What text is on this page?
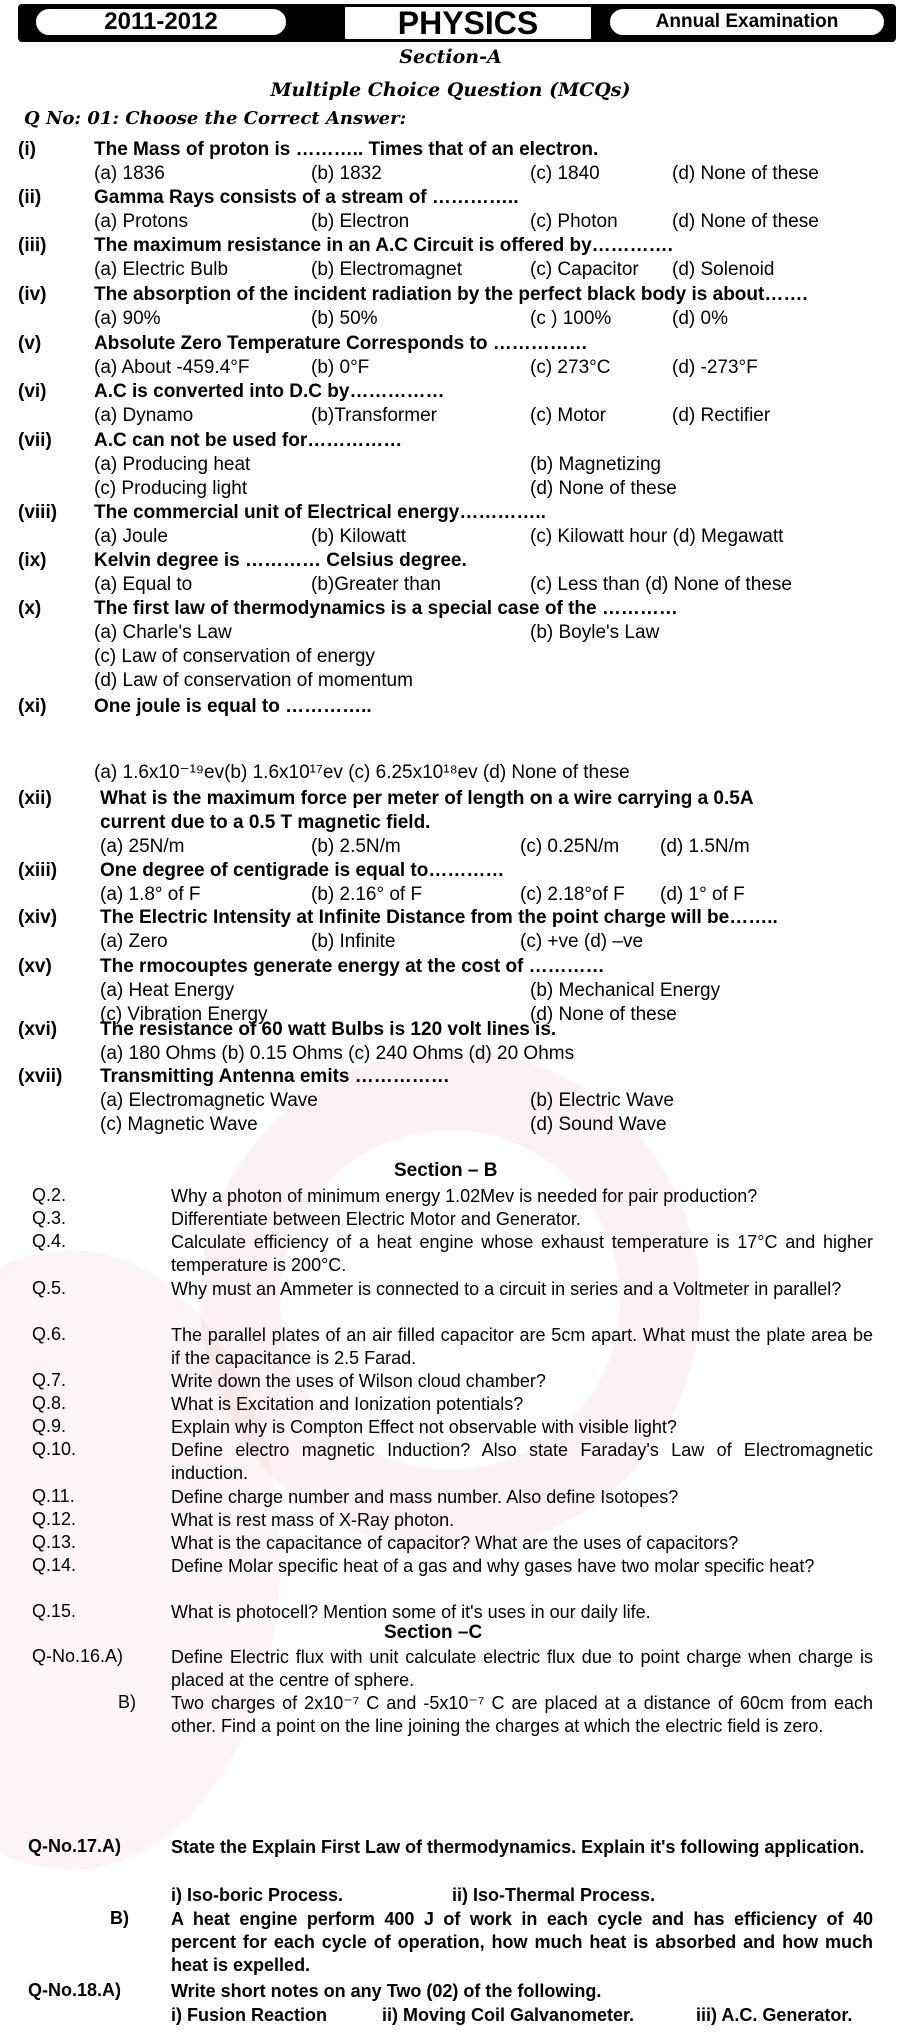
2011-2012	PHYSICS	Annual Examination
Section-A
Multiple Choice Question (MCQs)
Q No: 01: Choose the Correct Answer:
(i)	The Mass of proton is ……….. Times that of an electron.
(a) 1836	(b) 1832	(c) 1840	(d) None of these
(ii)	Gamma Rays consists of a stream of …………..
(a) Protons	(b) Electron	(c) Photon	(d) None of these
(iii)	The maximum resistance in an A.C Circuit is offered by………….
(a) Electric Bulb	(b) Electromagnet	(c) Capacitor (d) Solenoid
(iv)	The absorption of the incident radiation by the perfect black body is about…….
(a) 90%	(b) 50%	(c ) 100%	(d) 0%
(v)	Absolute Zero Temperature Corresponds to ……………
(a) About -459.4°F	(b) 0°F	(c) 273°C	(d) -273°F
(vi)	A.C is converted into D.C by……………
(a) Dynamo	(b)Transformer	(c) Motor	(d) Rectifier
(vii) A.C can not be used for……………
(a) Producing heat	(b) Magnetizing
(c) Producing light	(d) None of these
(viii) The commercial unit of Electrical energy…………..
(a) Joule	(b) Kilowatt	(c) Kilowatt hour (d) Megawatt
(ix)	Kelvin degree is ………… Celsius degree.
(a) Equal to	(b)Greater than	(c) Less than (d) None of these
(x)	The first law of thermodynamics is a special case of the …………
(a) Charle's Law	(b) Boyle's Law
(c) Law of conservation of energy
(d) Law of conservation of momentum
(xi)	One joule is equal to …………..
(a) 1.6x10⁻¹⁹ev(b) 1.6x10¹⁷ev (c) 6.25x10¹⁸ev (d) None of these
(xii)	What is the maximum force per meter of length on a wire carrying a 0.5A
current due to a 0.5 T magnetic field.
(a) 25N/m	(b) 2.5N/m	(c) 0.25N/m (d) 1.5N/m
(xiii) One degree of centigrade is equal to…………
(a) 1.8° of F	(b) 2.16° of F	(c) 2.18°of F (d) 1° of F
(xiv) The Electric Intensity at Infinite Distance from the point charge will be……..
(a) Zero	(b) Infinite	(c) +ve (d) –ve
(xv)	The rmocouptes generate energy at the cost of …………
(a) Heat Energy	(b) Mechanical Energy
(c) Vibration Energy	(d) None of these
(xvi) The resistance of 60 watt Bulbs is 120 volt lines is.
(a) 180 Ohms (b) 0.15 Ohms (c) 240 Ohms (d) 20 Ohms
(xvii) Transmitting Antenna emits ……………
(a) Electromagnetic Wave	(b) Electric Wave
(c) Magnetic Wave	(d) Sound Wave
Section – B
Q.2.	Why a photon of minimum energy 1.02Mev is needed for pair production?
Q.3.	Differentiate between Electric Motor and Generator.
Q.4.	Calculate efficiency of a heat engine whose exhaust temperature is 17°C and higher temperature is 200°C.
Q.5.	Why must an Ammeter is connected to a circuit in series and a Voltmeter in parallel?
Q.6.	The parallel plates of an air filled capacitor are 5cm apart. What must the plate area be if the capacitance is 2.5 Farad.
Q.7.	Write down the uses of Wilson cloud chamber?
Q.8.	What is Excitation and Ionization potentials?
Q.9.	Explain why is Compton Effect not observable with visible light?
Q.10.	Define electro magnetic Induction? Also state Faraday's Law of Electromagnetic induction.
Q.11.	Define charge number and mass number. Also define Isotopes?
Q.12.	What is rest mass of X-Ray photon.
Q.13.	What is the capacitance of capacitor? What are the uses of capacitors?
Q.14.	Define Molar specific heat of a gas and why gases have two molar specific heat?
Q.15.	What is photocell? Mention some of it's uses in our daily life.
Section –C
Q-No.16.A)	Define Electric flux with unit calculate electric flux due to point charge when charge is placed at the centre of sphere.
B) Two charges of 2x10⁻⁷ C and -5x10⁻⁷ C are placed at a distance of 60cm from each other. Find a point on the line joining the charges at which the electric field is zero.
Q-No.17.A)	State the Explain First Law of thermodynamics. Explain it's following application.
i) Iso-boric Process.	ii) Iso-Thermal Process.
B) A heat engine perform 400 J of work in each cycle and has efficiency of 40 percent for each cycle of operation, how much heat is absorbed and how much heat is expelled.
Q-No.18.A)	Write short notes on any Two (02) of the following.
i) Fusion Reaction	ii) Moving Coil Galvanometer.	iii) A.C. Generator.
